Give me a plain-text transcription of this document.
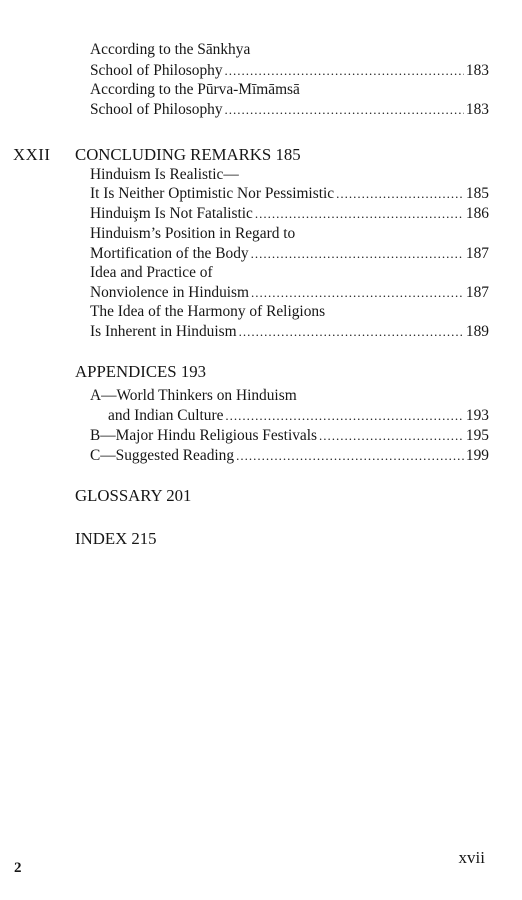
According to the Sānkhya
School of Philosophy .....	183
According to the Pūrva-Mīmāmsā
School of Philosophy .....	183
XXII CONCLUDING REMARKS 185
Hinduism Is Realistic—
It Is Neither Optimistic Nor Pessimistic .....	185
Hinduişm Is Not Fatalistic .....	186
Hinduism’s Position in Regard to
Mortification of the Body .....	187
Idea and Practice of
Nonviolence in Hinduism .....	187
The Idea of the Harmony of Religions
Is Inherent in Hinduism .....	189
APPENDICES 193
A—World Thinkers on Hinduism
and Indian Culture .....	193
B—Major Hindu Religious Festivals .....	195
C—Suggested Reading .....	199
GLOSSARY 201
INDEX 215
xvii
2
